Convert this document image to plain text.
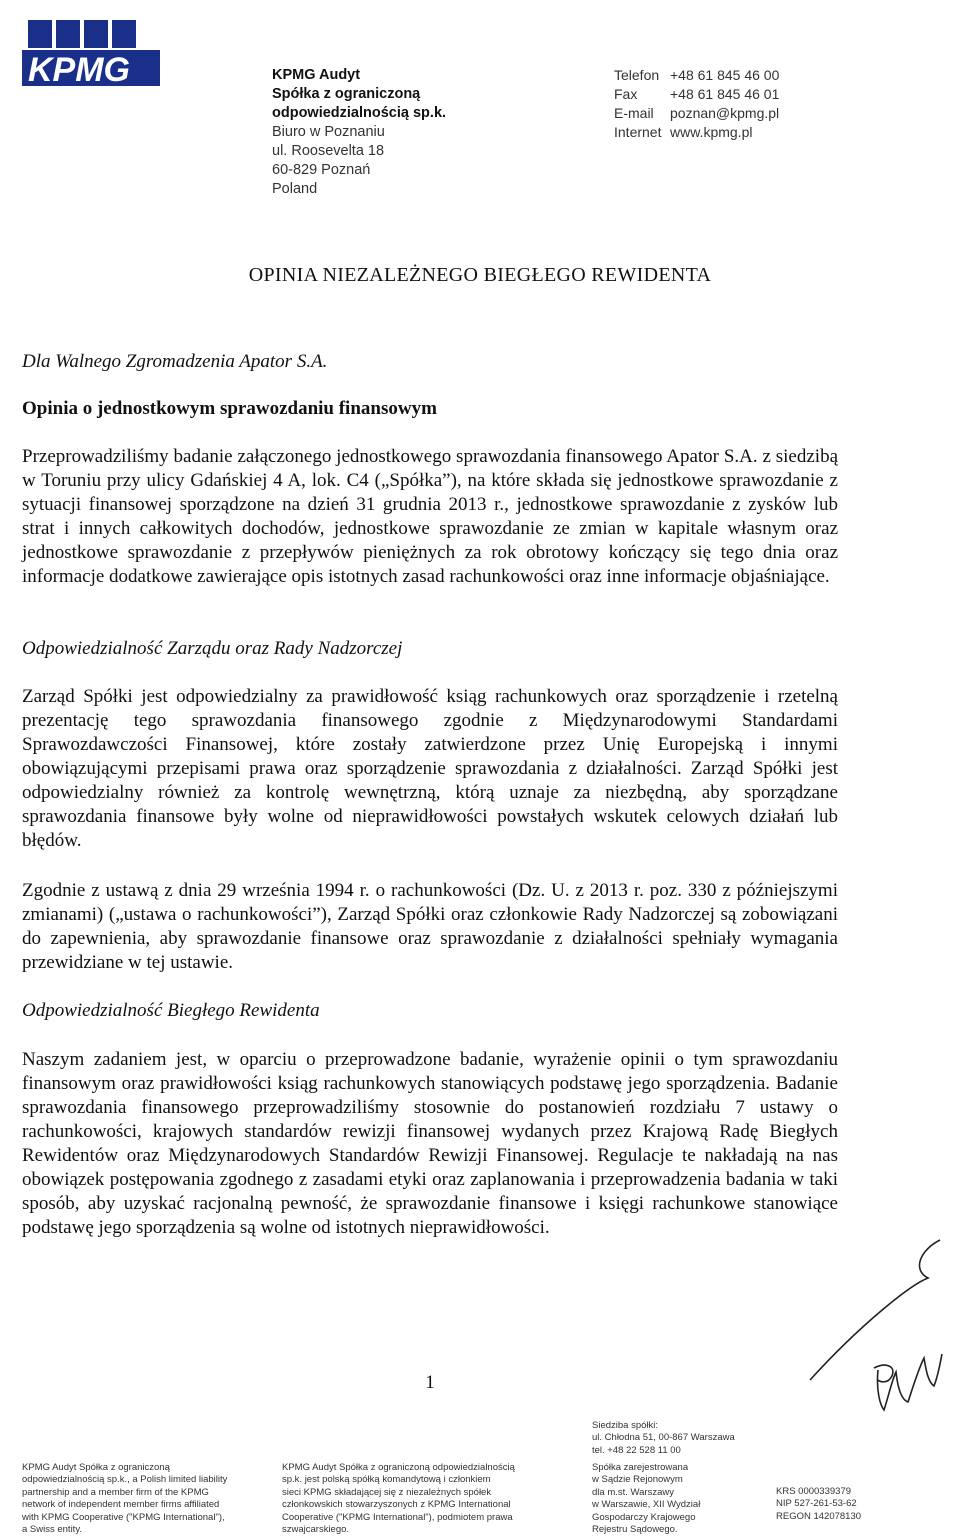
KPMG	KPMG Audyt
Spółka z ograniczoną
odpowiedzialnością sp.k.
Biuro w Poznaniu
ul. Roosevelta 18
60-829 Poznań
Poland
Telefon +48 61 845 46 00
Fax	+48 61 845 46 01
E-mail	poznan@kpmg.pl
Internet www.kpmg.pl
OPINIA NIEZALEŻNEGO BIEGŁEGO REWIDENTA
Dla Walnego Zgromadzenia Apator S.A.
Opinia o jednostkowym sprawozdaniu finansowym
Przeprowadziliśmy badanie załączonego jednostkowego sprawozdania finansowego Apator S.A. z siedzibą w Toruniu przy ulicy Gdańskiej 4 A, lok. C4 („Spółka”), na które składa się jednostkowe sprawozdanie z sytuacji finansowej sporządzone na dzień 31 grudnia 2013 r., jednostkowe sprawozdanie z zysków lub strat i innych całkowitych dochodów, jednostkowe sprawozdanie ze zmian w kapitale własnym oraz jednostkowe sprawozdanie z przepływów pieniężnych za rok obrotowy kończący się tego dnia oraz informacje dodatkowe zawierające opis istotnych zasad rachunkowości oraz inne informacje objaśniające.
Odpowiedzialność Zarządu oraz Rady Nadzorczej
Zarząd Spółki jest odpowiedzialny za prawidłowość ksiąg rachunkowych oraz sporządzenie i rzetelną prezentację tego sprawozdania finansowego zgodnie z Międzynarodowymi Standardami Sprawozdawczości Finansowej, które zostały zatwierdzone przez Unię Europejską i innymi obowiązującymi przepisami prawa oraz sporządzenie sprawozdania z działalności. Zarząd Spółki jest odpowiedzialny również za kontrolę wewnętrzną, którą uznaje za niezbędną, aby sporządzane sprawozdania finansowe były wolne od nieprawidłowości powstałych wskutek celowych działań lub błędów.
Zgodnie z ustawą z dnia 29 września 1994 r. o rachunkowości (Dz. U. z 2013 r. poz. 330 z późniejszymi zmianami) („ustawa o rachunkowości”), Zarząd Spółki oraz członkowie Rady Nadzorczej są zobowiązani do zapewnienia, aby sprawozdanie finansowe oraz sprawozdanie z działalności spełniały wymagania przewidziane w tej ustawie.
Odpowiedzialność Biegłego Rewidenta
Naszym zadaniem jest, w oparciu o przeprowadzone badanie, wyrażenie opinii o tym sprawozdaniu finansowym oraz prawidłowości ksiąg rachunkowych stanowiących podstawę jego sporządzenia. Badanie sprawozdania finansowego przeprowadziliśmy stosownie do postanowień rozdziału 7 ustawy o rachunkowości, krajowych standardów rewizji finansowej wydanych przez Krajową Radę Biegłych Rewidentów oraz Międzynarodowych Standardów Rewizji Finansowej. Regulacje te nakładają na nas obowiązek postępowania zgodnego z zasadami etyki oraz zaplanowania i przeprowadzenia badania w taki sposób, aby uzyskać racjonalną pewność, że sprawozdanie finansowe i księgi rachunkowe stanowiące podstawę jego sporządzenia są wolne od istotnych nieprawidłowości.
1
Siedziba spółki:
ul. Chłodna 51, 00-867 Warszawa
tel. +48 22 528 11 00
KPMG Audyt Spółka z ograniczoną
odpowiedzialnością sp.k., a Polish limited liability
partnership and a member firm of the KPMG
network of independent member firms affiliated
with KPMG Cooperative ("KPMG International"),
a Swiss entity.
KPMG Audyt Spółka z ograniczoną odpowiedzialnością
sp.k. jest polską spółką komandytową i członkiem
sieci KPMG składającej się z niezależnych spółek
członkowskich stowarzyszonych z KPMG International
Cooperative ("KPMG International"), podmiotem prawa
szwajcarskiego.
Spółka zarejestrowana
w Sądzie Rejonowym
dla m.st. Warszawy
w Warszawie, XII Wydział
Gospodarczy Krajowego
Rejestru Sądowego.
KRS 0000339379
NIP 527-261-53-62
REGON 142078130
